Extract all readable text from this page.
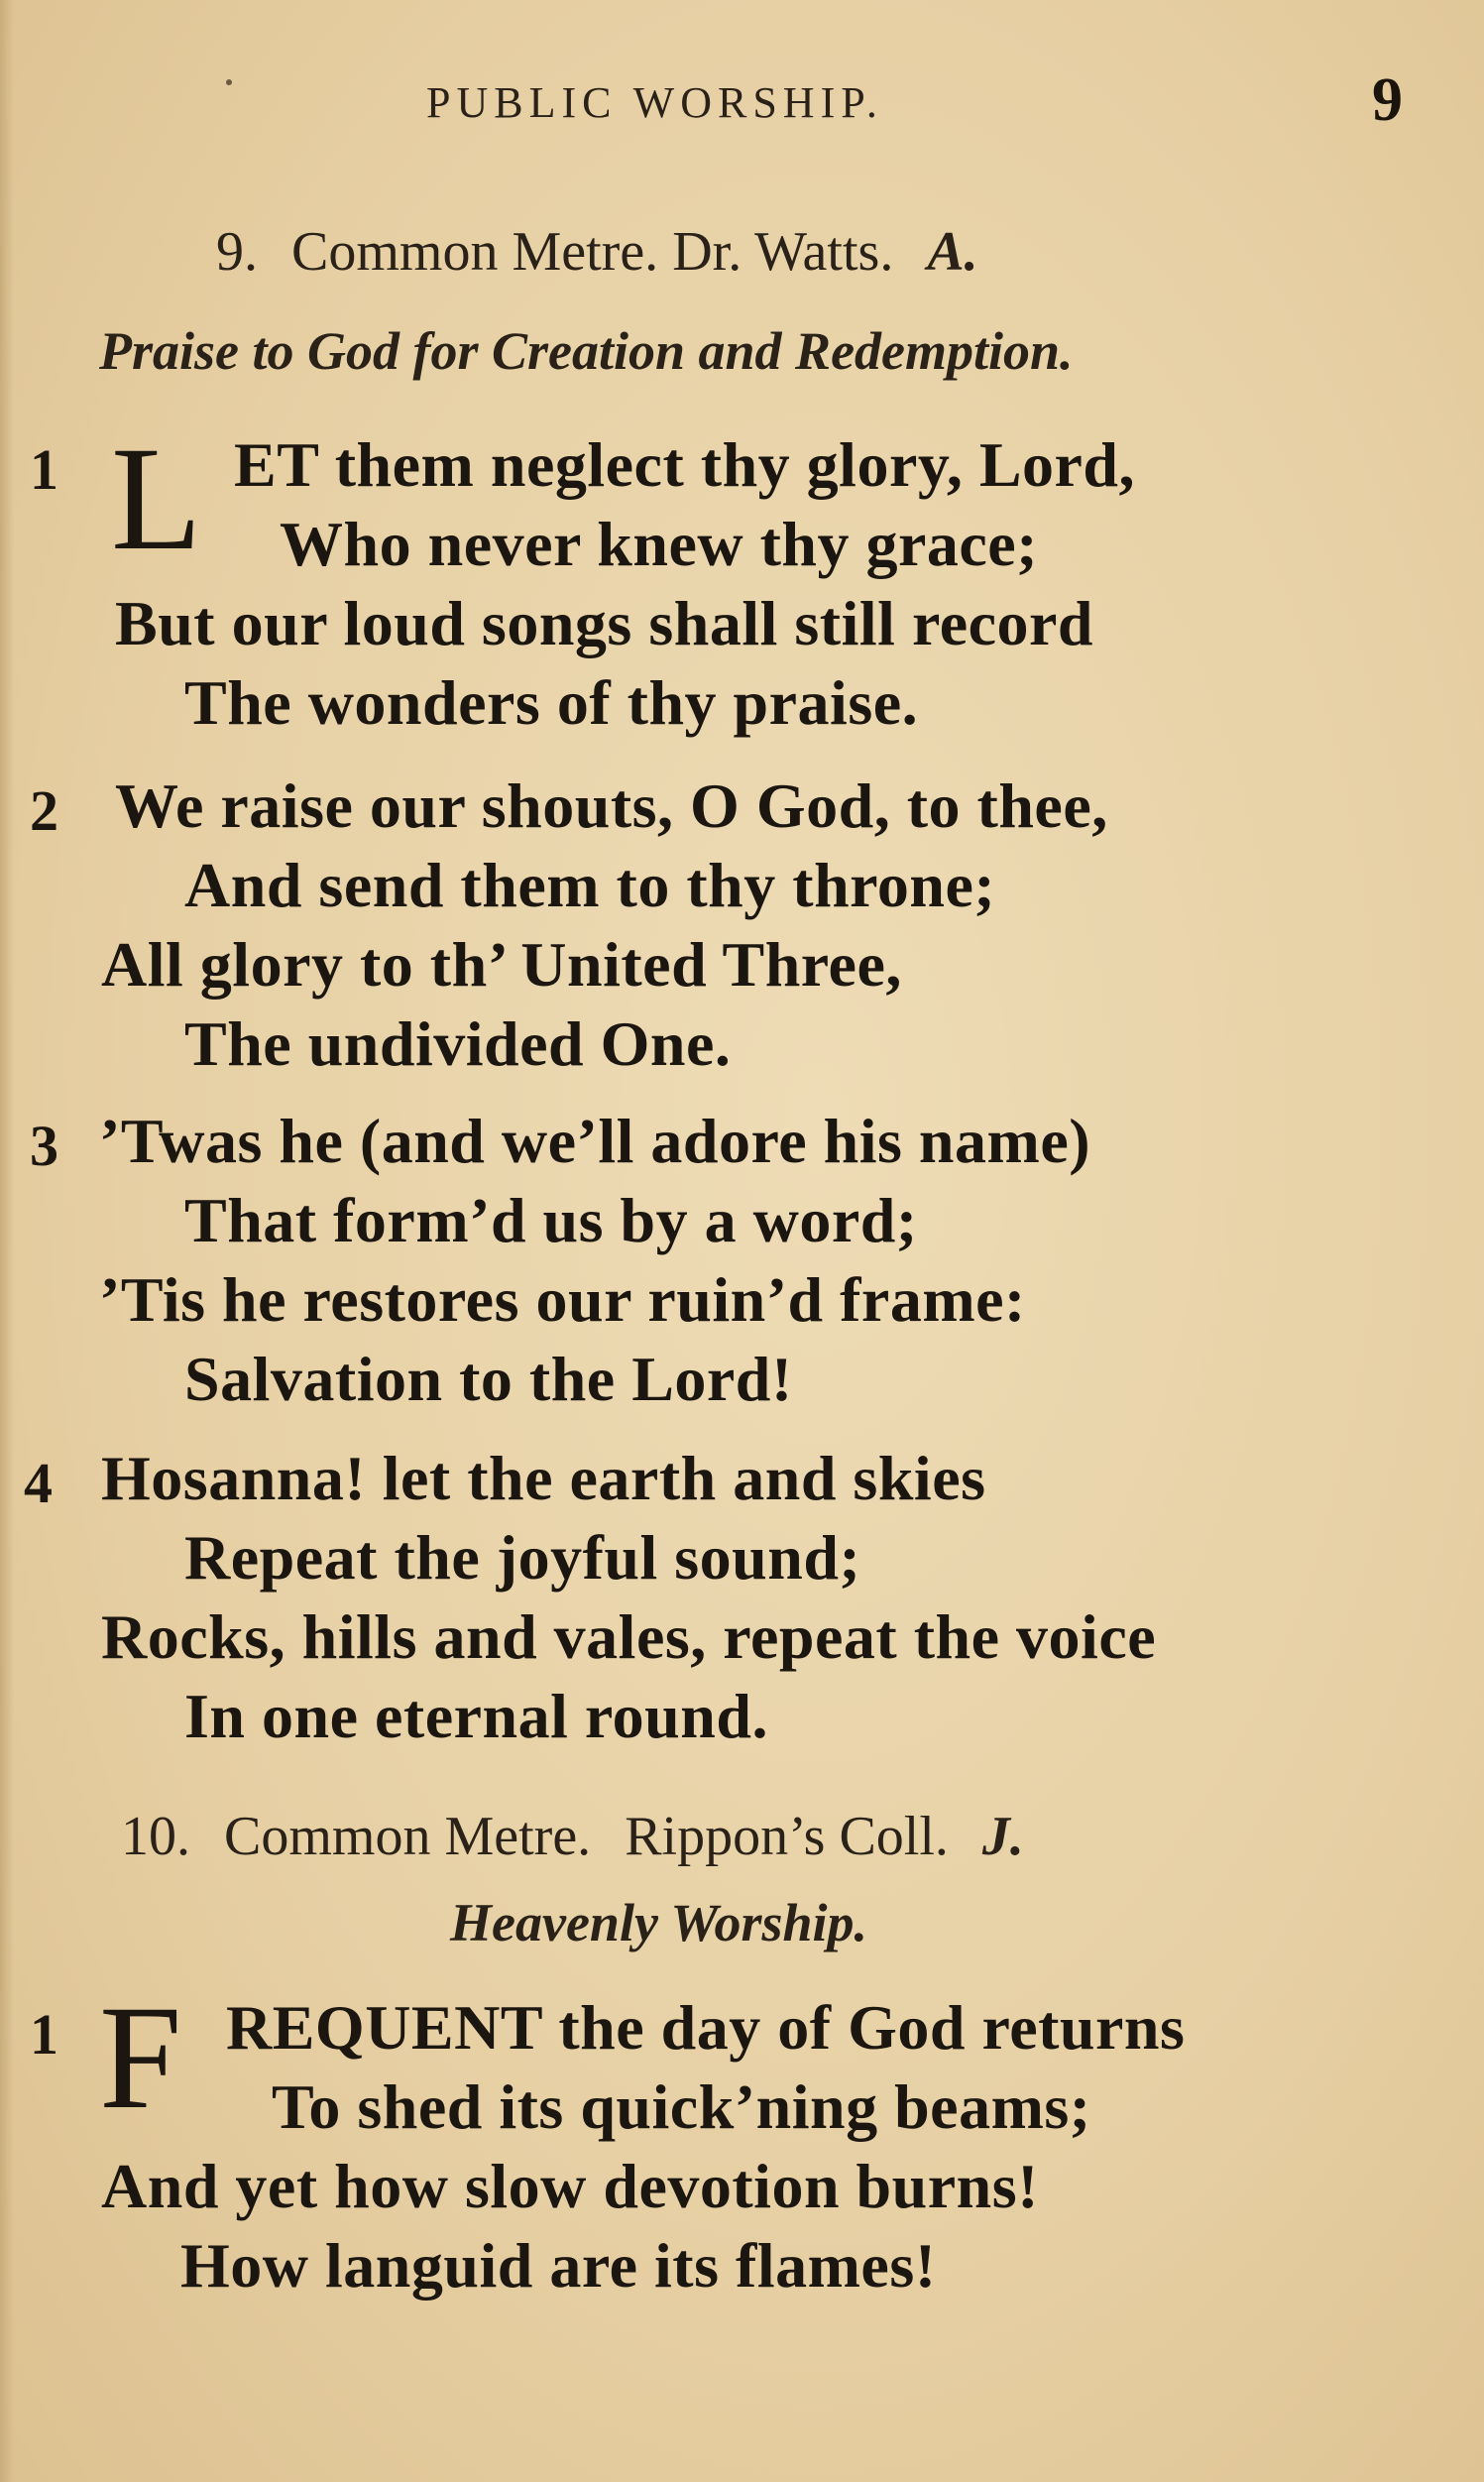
PUBLIC WORSHIP.	9
9. Common Metre. Dr. Watts. A.
Praise to God for Creation and Redemption.
1 L ET them neglect thy glory, Lord,
Who never knew thy grace;
But our loud songs shall still record
The wonders of thy praise.
2 We raise our shouts, O God, to thee,
And send them to thy throne;
All glory to th’ United Three,
The undivided One.
3 ’Twas he (and we’ll adore his name)
That form’d us by a word;
’Tis he restores our ruin’d frame:
Salvation to the Lord!
4 Hosanna! let the earth and skies
Repeat the joyful sound;
Rocks, hills and vales, repeat the voice
In one eternal round.
10. Common Metre. Rippon’s Coll. J.
Heavenly Worship.
1 F REQUENT the day of God returns
To shed its quick’ning beams;
And yet how slow devotion burns!
How languid are its flames!
